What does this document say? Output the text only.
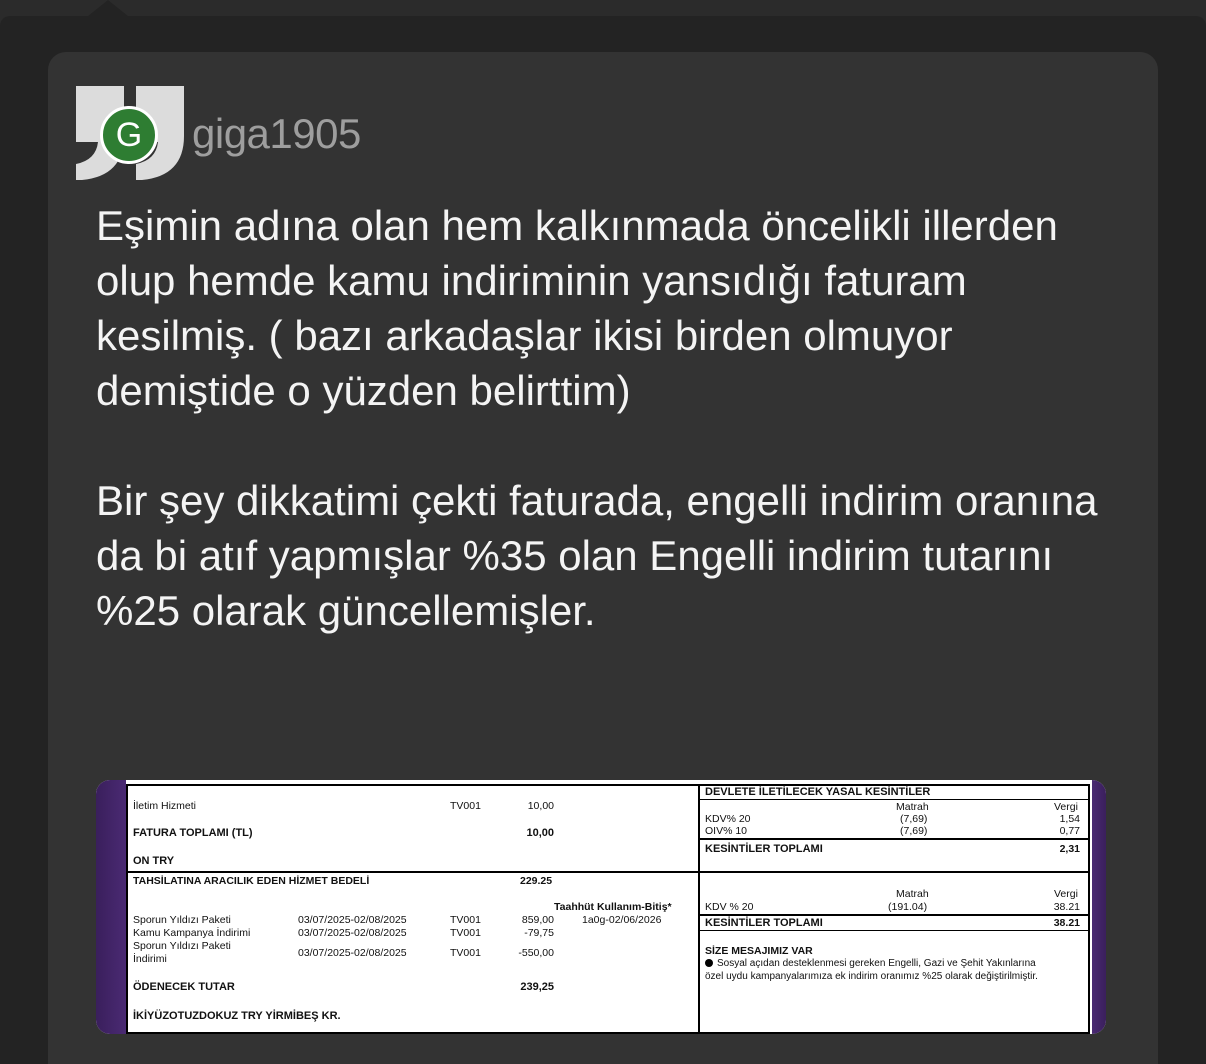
G	giga1905

Eşimin adına olan hem kalkınmada öncelikli illerden olup hemde kamu indiriminin yansıdığı faturam kesilmiş. ( bazı arkadaşlar ikisi birden olmuyor demiştide o yüzden belirttim)

Bir şey dikkatimi çekti faturada, engelli indirim oranına da bi atıf yapmışlar %35 olan Engelli indirim tutarını %25 olarak güncellemişler.

İletim Hizmeti	TV001	10,00
FATURA TOPLAMI (TL)	10,00
ON TRY
TAHSİLATINA ARACILIK EDEN HİZMET BEDELİ	229.25
Taahhüt Kullanım-Bitiş*
Sporun Yıldızı Paketi	03/07/2025-02/08/2025	TV001	859,00	1a0g-02/06/2026
Kamu Kampanya İndirimi	03/07/2025-02/08/2025	TV001	-79,75
Sporun Yıldızı Paketi
İndirimi	03/07/2025-02/08/2025	TV001	-550,00
ÖDENECEK TUTAR	239,25
İKİYÜZOTUZDOKUZ TRY YİRMİBEŞ KR.
DEVLETE İLETİLECEK YASAL KESİNTİLER
Matrah	Vergi
KDV% 20	(7,69)	1,54
OIV% 10	(7,69)	0,77
KESİNTİLER TOPLAMI	2,31
Matrah	Vergi
KDV % 20	(191.04)	38.21
KESİNTİLER TOPLAMI	38.21
SİZE MESAJIMIZ VAR
Sosyal açıdan desteklenmesi gereken Engelli, Gazi ve Şehit Yakınlarına
özel uydu kampanyalarımıza ek indirim oranımız %25 olarak değiştirilmiştir.
